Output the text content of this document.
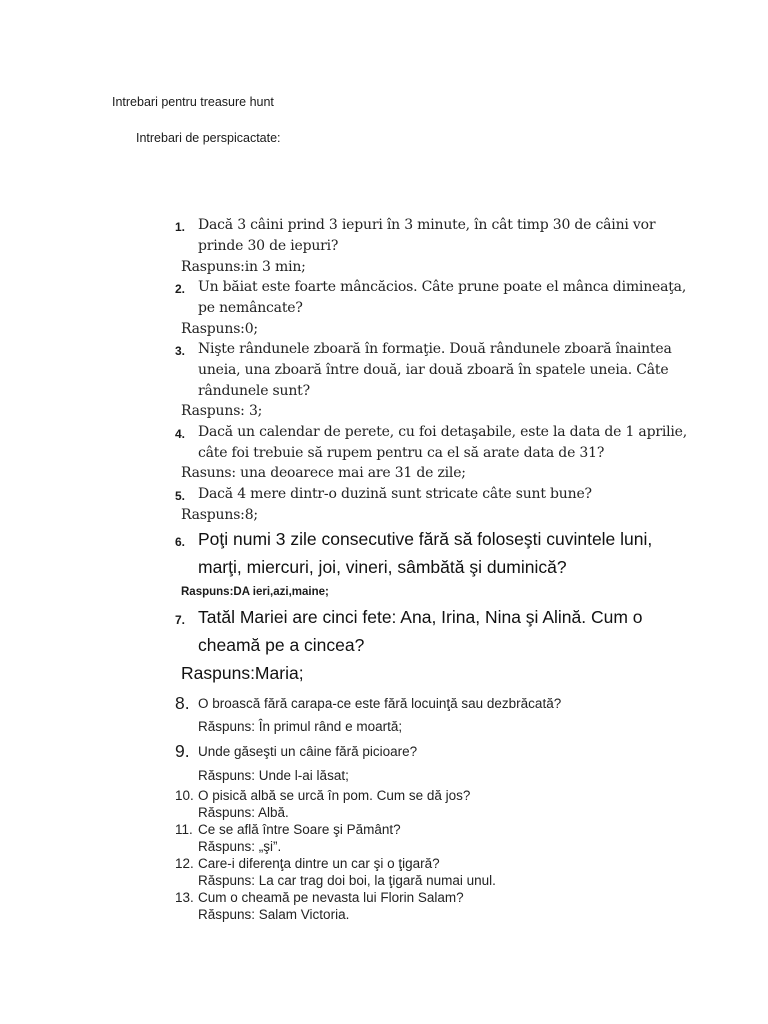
Intrebari pentru treasure hunt
Intrebari de perspicactate:
1. Dacă 3 câini prind 3 iepuri în 3 minute, în cât timp 30 de câini vor
prinde 30 de iepuri?
Raspuns:in 3 min;
2. Un băiat este foarte mâncăcios. Câte prune poate el mânca dimineaţa,
pe nemâncate?
Raspuns:0;
3. Nişte rândunele zboară în formaţie. Două rândunele zboară înaintea
uneia, una zboară între două, iar două zboară în spatele uneia. Câte
rândunele sunt?
Raspuns: 3;
4. Dacă un calendar de perete, cu foi detaşabile, este la data de 1 aprilie,
câte foi trebuie să rupem pentru ca el să arate data de 31?
Rasuns: una deoarece mai are 31 de zile;
5. Dacă 4 mere dintr-o duzină sunt stricate câte sunt bune?
Raspuns:8;
6. Poţi numi 3 zile consecutive fără să foloseşti cuvintele luni,
marţi, miercuri, joi, vineri, sâmbătă şi duminică?
Raspuns:DA ieri,azi,maine;
7. Tatăl Mariei are cinci fete: Ana, Irina, Nina şi Alină. Cum o
cheamă pe a cincea?
Raspuns:Maria;
8. O broască fără carapa-ce este fără locuinţă sau dezbrăcată?
Răspuns: În primul rând e moartă;
9. Unde găseşti un câine fără picioare?
Răspuns: Unde l-ai lăsat;
10. O pisică albă se urcă în pom. Cum se dă jos?
Răspuns: Albă.
11. Ce se află între Soare şi Pământ?
Răspuns: „şi”.
12. Care-i diferenţa dintre un car şi o ţigară?
Răspuns: La car trag doi boi, la ţigară numai unul.
13. Cum o cheamă pe nevasta lui Florin Salam?
Răspuns: Salam Victoria.
